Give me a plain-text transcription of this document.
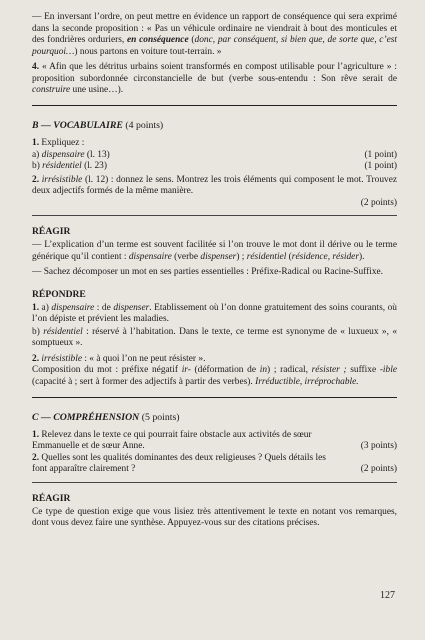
— En inversant l’ordre, on peut mettre en évidence un rapport de conséquence qui sera exprimé dans la seconde proposition : « Pas un véhicule ordinaire ne viendrait à bout des monticules et des fondrières orduriers, en conséquence (donc, par conséquent, si bien que, de sorte que, c’est pourquoi…) nous partons en voiture tout-terrain. »

4. « Afin que les détritus urbains soient transformés en compost utilisable pour l’agriculture » : proposition subordonnée circonstancielle de but (verbe sous-entendu : Son rêve serait de construire une usine…).

B — VOCABULAIRE (4 points)

1. Expliquez :

a) dispensaire (l. 13)	(1 point)
b) résidentiel (l. 23)	(1 point)

2. irrésistible (l. 12) : donnez le sens. Montrez les trois éléments qui composent le mot. Trouvez deux adjectifs formés de la même manière.

(2 points)
RÉAGIR

— L’explication d’un terme est souvent facilitée si l’on trouve le mot dont il dérive ou le terme générique qu’il contient : dispensaire (verbe dispenser) ; résidentiel (résidence, résider).

— Sachez décomposer un mot en ses parties essentielles : Préfixe-Radical ou Racine-Suffixe.

RÉPONDRE

1. a) dispensaire : de dispenser. Etablissement où l’on donne gratuitement des soins courants, où l’on dépiste et prévient les maladies.

b) résidentiel : réservé à l’habitation. Dans le texte, ce terme est synonyme de « luxueux », « somptueux ».

2. irrésistible : « à quoi l’on ne peut résister ».

Composition du mot : préfixe négatif ir- (déformation de in) ; radical, résister ; suffixe -ible (capacité à ; sert à former des adjectifs à partir des verbes). Irréductible, irréprochable.

C — COMPRÉHENSION (5 points)

1. Relevez dans le texte ce qui pourrait faire obstacle aux activités de sœur

Emmanuelle et de sœur Anne.	(3 points)

2. Quelles sont les qualités dominantes des deux religieuses ? Quels détails les

font apparaître clairement ?	(2 points)
RÉAGIR

Ce type de question exige que vous lisiez très attentivement le texte en notant vos remarques, dont vous devez faire une synthèse. Appuyez-vous sur des citations précises.

127
